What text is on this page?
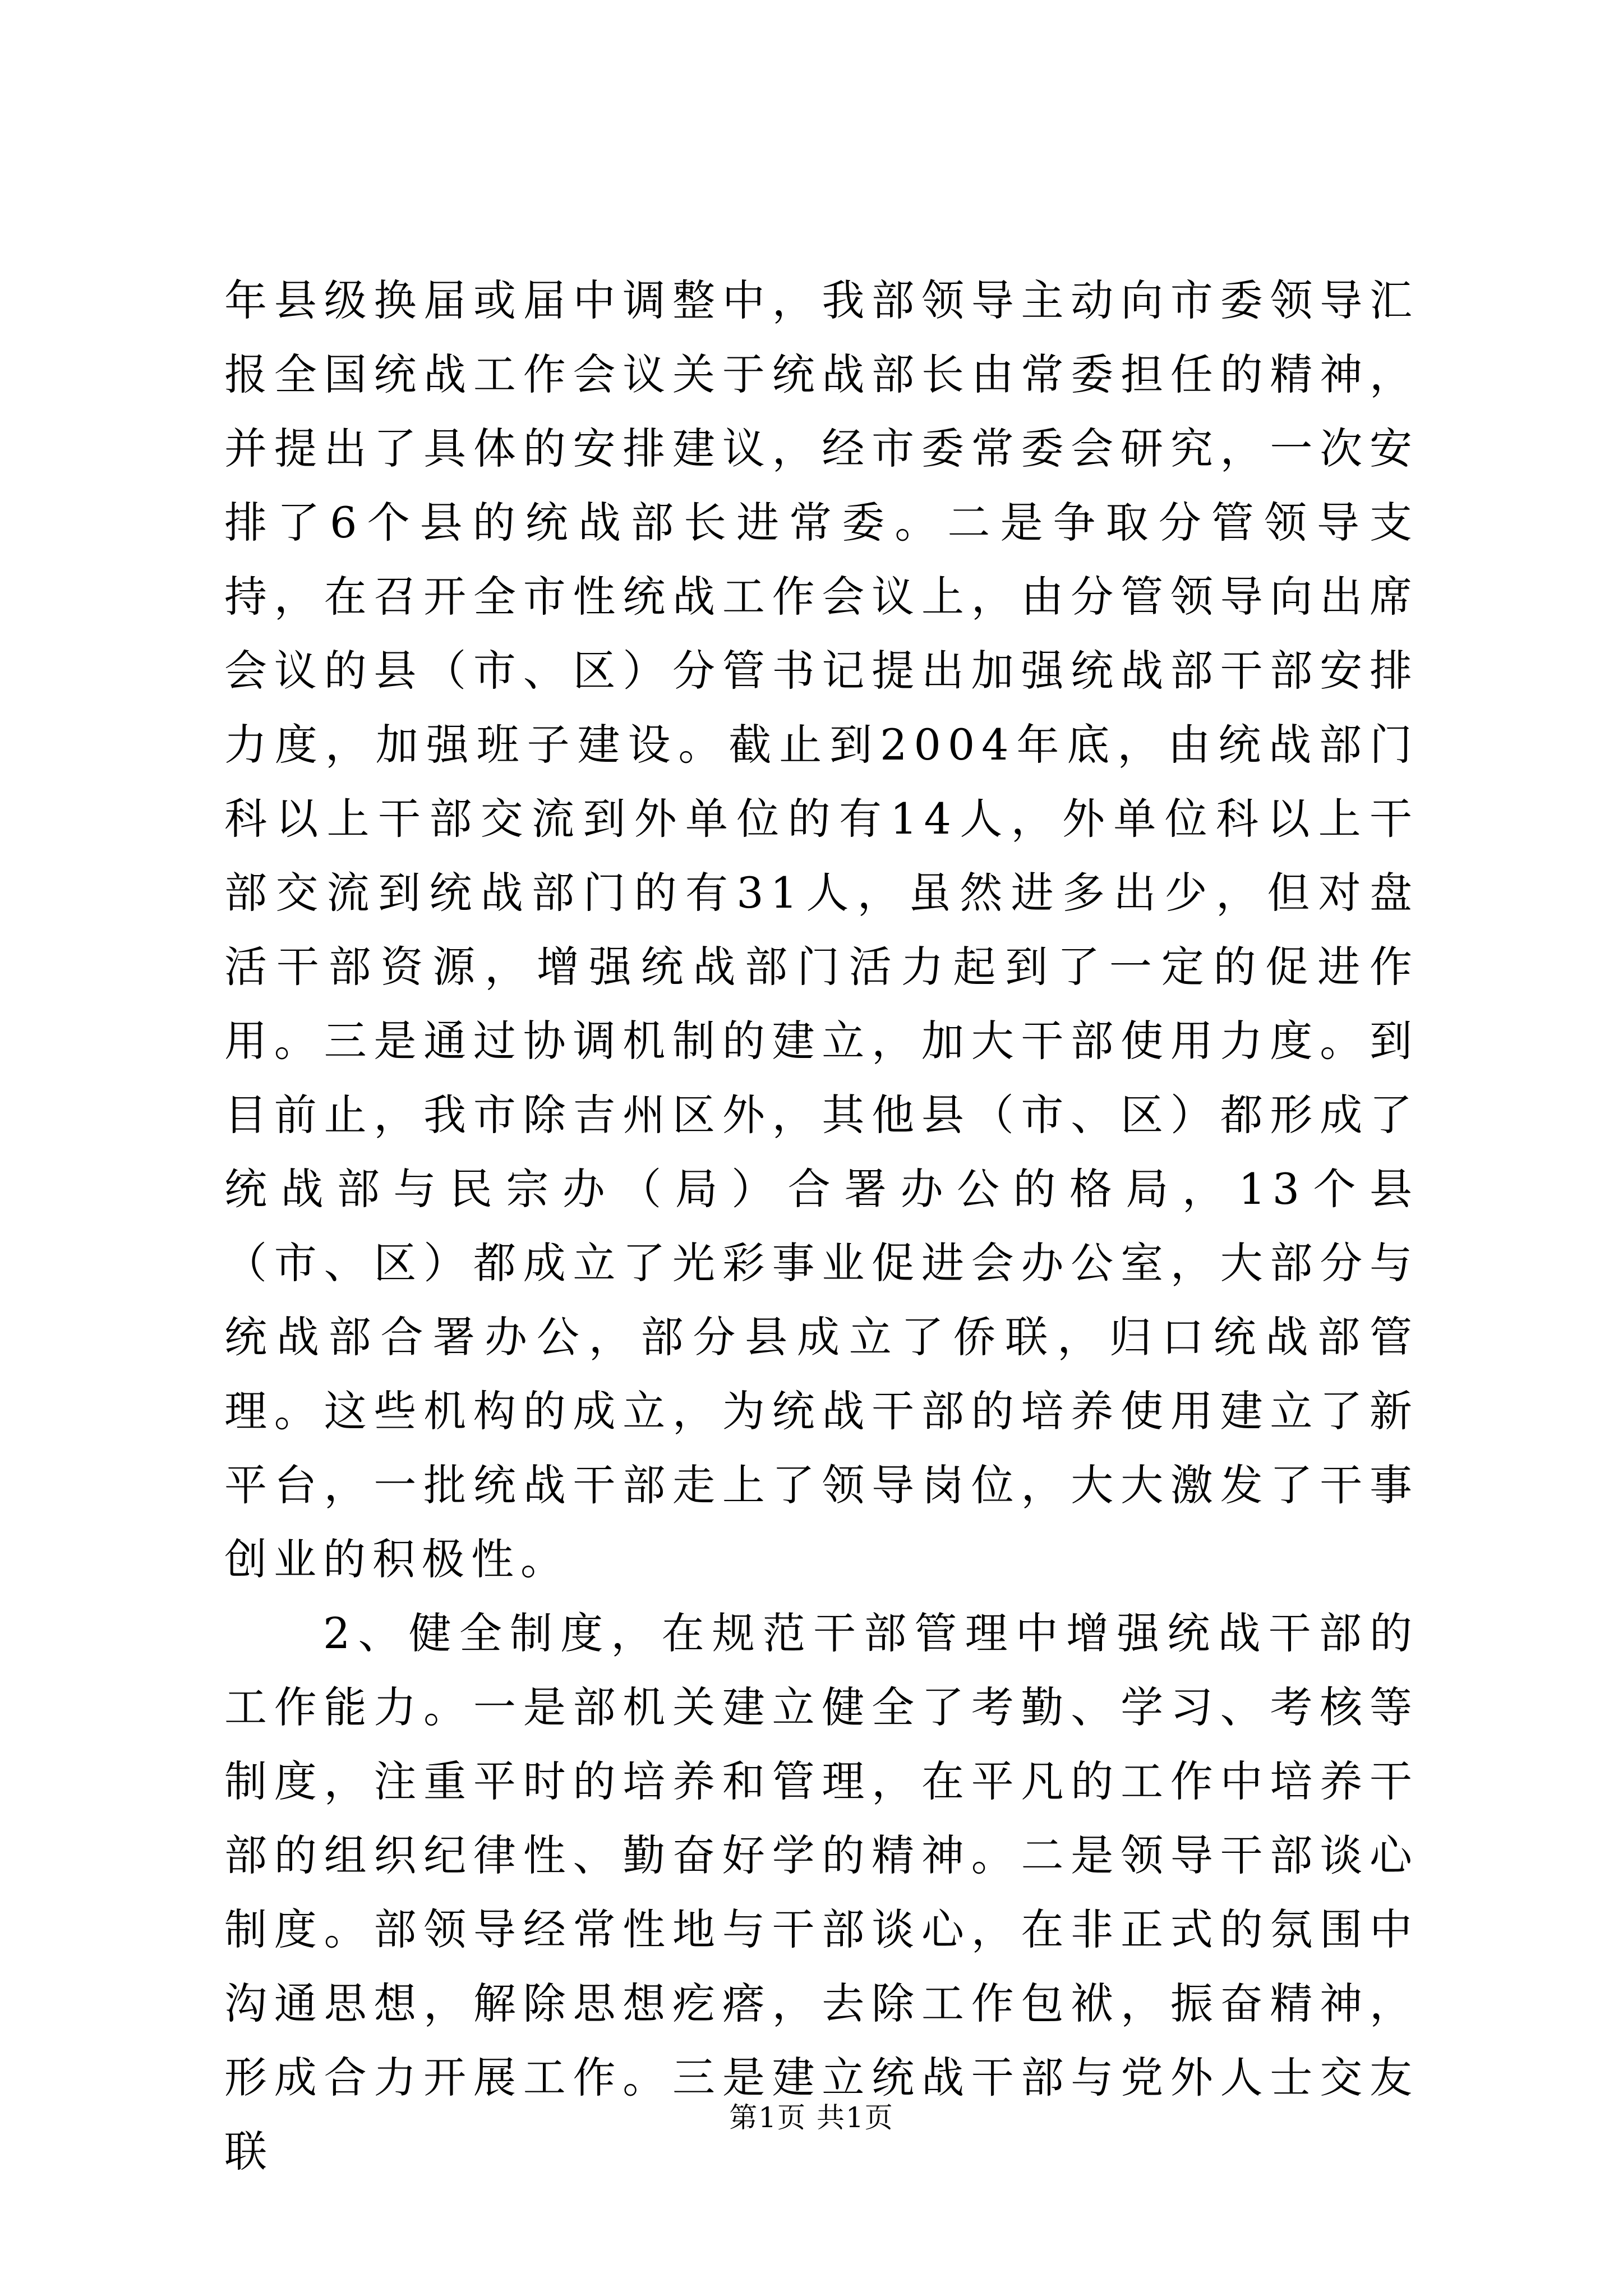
年县级换届或届中调整中，我部领导主动向市委领导汇报全国统战工作会议关于统战部长由常委担任的精神，并提出了具体的安排建议，经市委常委会研究，一次安排了6个县的统战部长进常委。二是争取分管领导支持，在召开全市性统战工作会议上，由分管领导向出席会议的县（市、区）分管书记提出加强统战部干部安排力度，加强班子建设。截止到2004年底，由统战部门科以上干部交流到外单位的有14人，外单位科以上干部交流到统战部门的有31人，虽然进多出少，但对盘活干部资源，增强统战部门活力起到了一定的促进作用。三是通过协调机制的建立，加大干部使用力度。到目前止，我市除吉州区外，其他县（市、区）都形成了统战部与民宗办（局）合署办公的格局，13个县（市、区）都成立了光彩事业促进会办公室，大部分与统战部合署办公，部分县成立了侨联，归口统战部管理。这些机构的成立，为统战干部的培养使用建立了新平台，一批统战干部走上了领导岗位，大大激发了干事创业的积极性。

2、健全制度，在规范干部管理中增强统战干部的工作能力。一是部机关建立健全了考勤、学习、考核等制度，注重平时的培养和管理，在平凡的工作中培养干部的组织纪律性、勤奋好学的精神。二是领导干部谈心制度。部领导经常性地与干部谈心，在非正式的氛围中沟通思想，解除思想疙瘩，去除工作包袱，振奋精神，形成合力开展工作。三是建立统战干部与党外人士交友联

第1页 共1页
